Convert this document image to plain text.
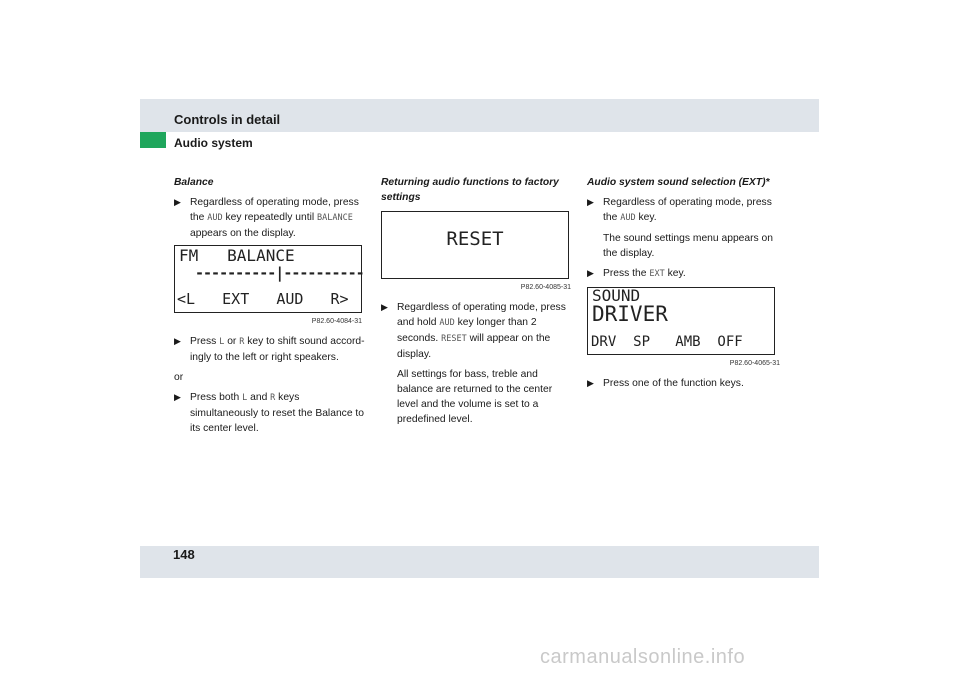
Controls in detail
Audio system
Balance
▶ Regardless of operating mode, press the AUD key repeatedly until BALANCE appears on the display.
FM   BALANCE
----------|----------
<L   EXT   AUD   R>
P82.60-4084-31
▶ Press L or R key to shift sound accord-ingly to the left or right speakers.
or
▶ Press both L and R keys simultaneously to reset the Balance to its center level.
Returning audio functions to factory settings
RESET
P82.60-4085-31
▶ Regardless of operating mode, press and hold AUD key longer than 2 seconds. RESET will appear on the display.
All settings for bass, treble and balance are returned to the center level and the volume is set to a predefined level.
Audio system sound selection (EXT)*
▶ Regardless of operating mode, press the AUD key.
The sound settings menu appears on the display.
▶ Press the EXT key.
SOUND
DRIVER
DRV  SP   AMB  OFF
P82.60-4065-31
▶ Press one of the function keys.
148
carmanualsonline.info
